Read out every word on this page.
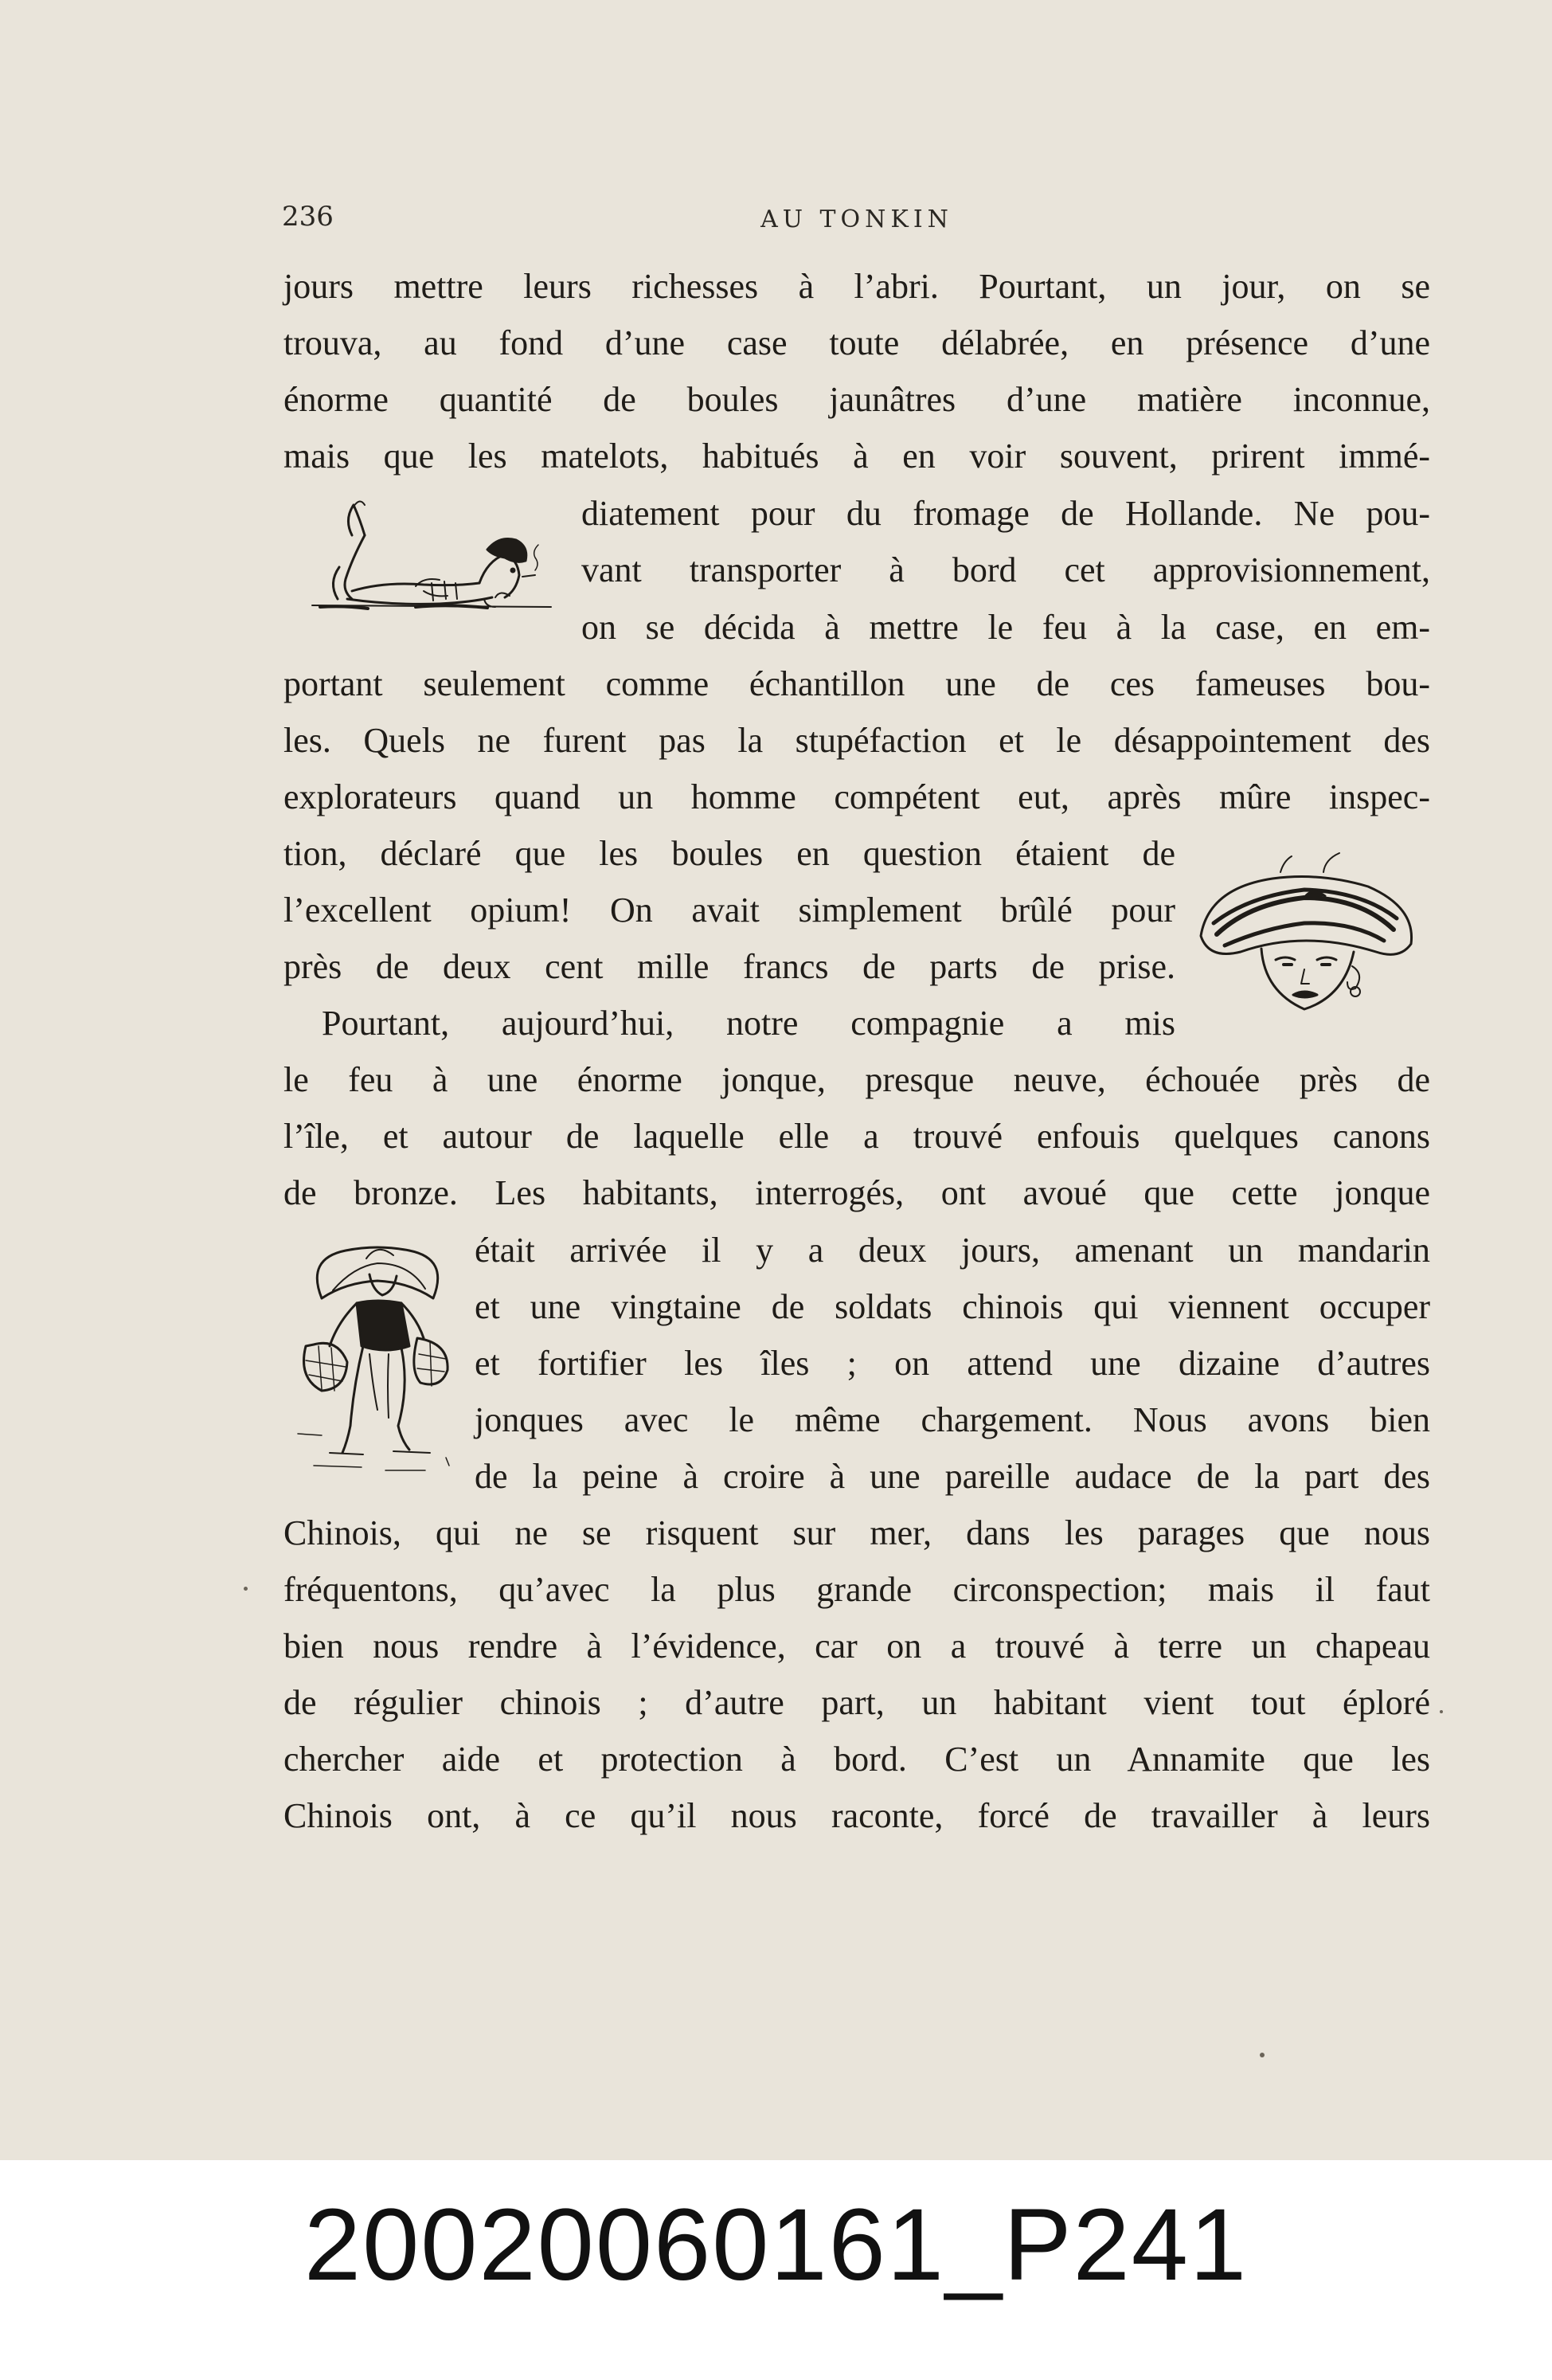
236	AU TONKIN
jours mettre leurs richesses à l’abri. Pourtant, un jour, on se
trouva, au fond d’une case toute délabrée, en présence d’une
énorme quantité de boules jaunâtres d’une matière inconnue,
mais que les matelots, habitués à en voir souvent, prirent immé-
diatement pour du fromage de Hollande. Ne pou-
vant transporter à bord cet approvisionnement,
on se décida à mettre le feu à la case, en em-
portant seulement comme échantillon une de ces fameuses bou-
les. Quels ne furent pas la stupéfaction et le désappointement des
explorateurs quand un homme compétent eut, après mûre inspec-
tion, déclaré que les boules en question étaient de
l’excellent opium! On avait simplement brûlé pour
près de deux cent mille francs de parts de prise.
Pourtant, aujourd’hui, notre compagnie a mis
le feu à une énorme jonque, presque neuve, échouée près de
l’île, et autour de laquelle elle a trouvé enfouis quelques canons
de bronze. Les habitants, interrogés, ont avoué que cette jonque
était arrivée il y a deux jours, amenant un mandarin
et une vingtaine de soldats chinois qui viennent occuper
et fortifier les îles ; on attend une dizaine d’autres
jonques avec le même chargement. Nous avons bien
de la peine à croire à une pareille audace de la part des
Chinois, qui ne se risquent sur mer, dans les parages que nous
fréquentons, qu’avec la plus grande circonspection; mais il faut
bien nous rendre à l’évidence, car on a trouvé à terre un chapeau
de régulier chinois ; d’autre part, un habitant vient tout éploré
chercher aide et protection à bord. C’est un Annamite que les
Chinois ont, à ce qu’il nous raconte, forcé de travailler à leurs
20020060161_P241
